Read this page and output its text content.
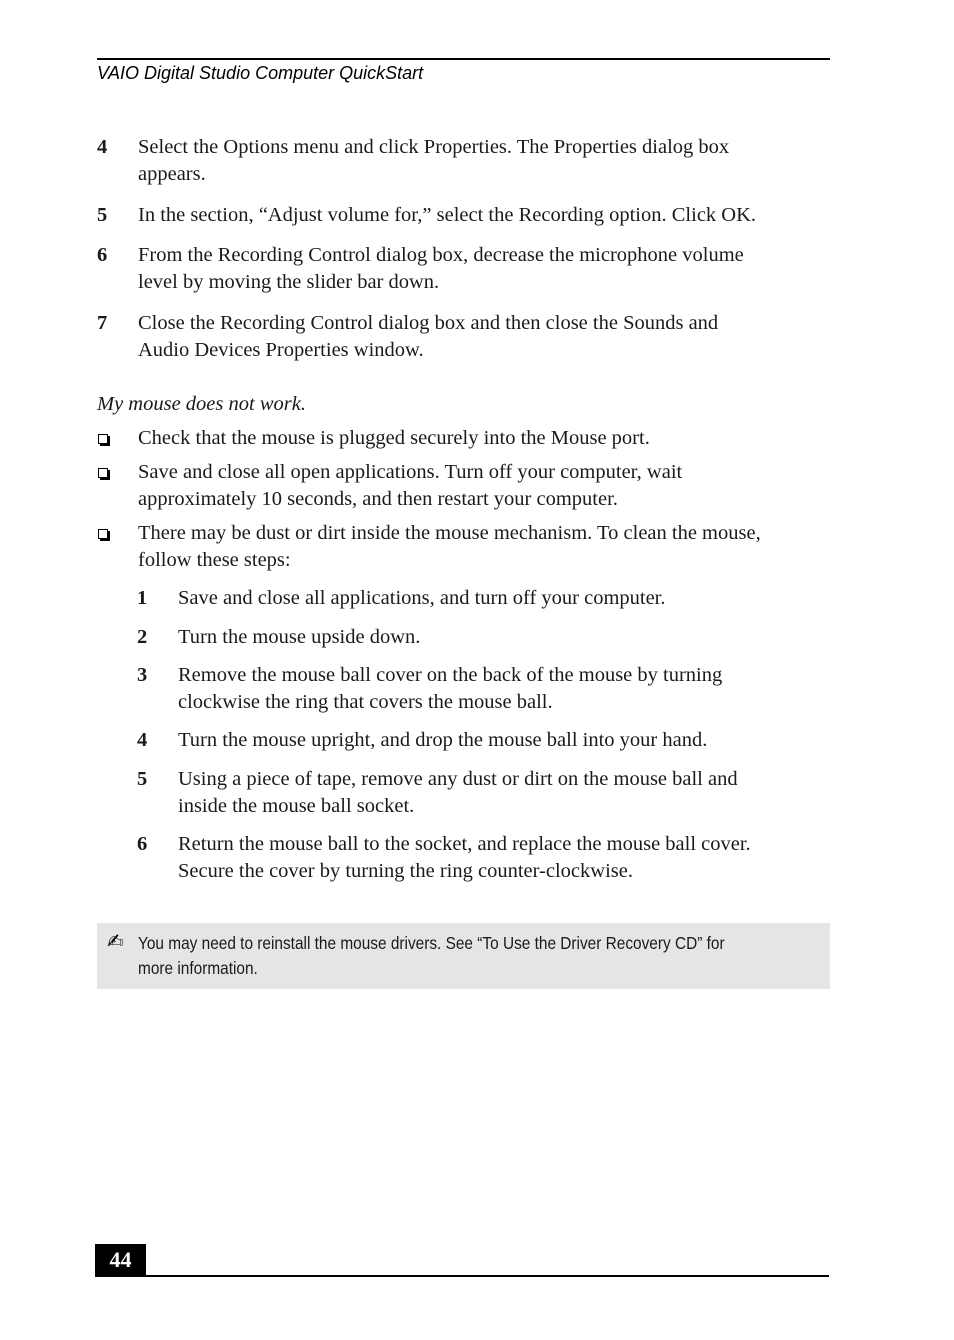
VAIO Digital Studio Computer QuickStart
4 Select the Options menu and click Properties. The Properties dialog box
appears.
5 In the section, “Adjust volume for,” select the Recording option. Click OK.
6 From the Recording Control dialog box, decrease the microphone volume
level by moving the slider bar down.
7 Close the Recording Control dialog box and then close the Sounds and
Audio Devices Properties window.
My mouse does not work.
Check that the mouse is plugged securely into the Mouse port.
Save and close all open applications. Turn off your computer, wait
approximately 10 seconds, and then restart your computer.
There may be dust or dirt inside the mouse mechanism. To clean the mouse,
follow these steps:
1 Save and close all applications, and turn off your computer.
2 Turn the mouse upside down.
3 Remove the mouse ball cover on the back of the mouse by turning
clockwise the ring that covers the mouse ball.
4 Turn the mouse upright, and drop the mouse ball into your hand.
5 Using a piece of tape, remove any dust or dirt on the mouse ball and
inside the mouse ball socket.
6 Return the mouse ball to the socket, and replace the mouse ball cover.
Secure the cover by turning the ring counter-clockwise.
✍ You may need to reinstall the mouse drivers. See “To Use the Driver Recovery CD” for
more information.
44
